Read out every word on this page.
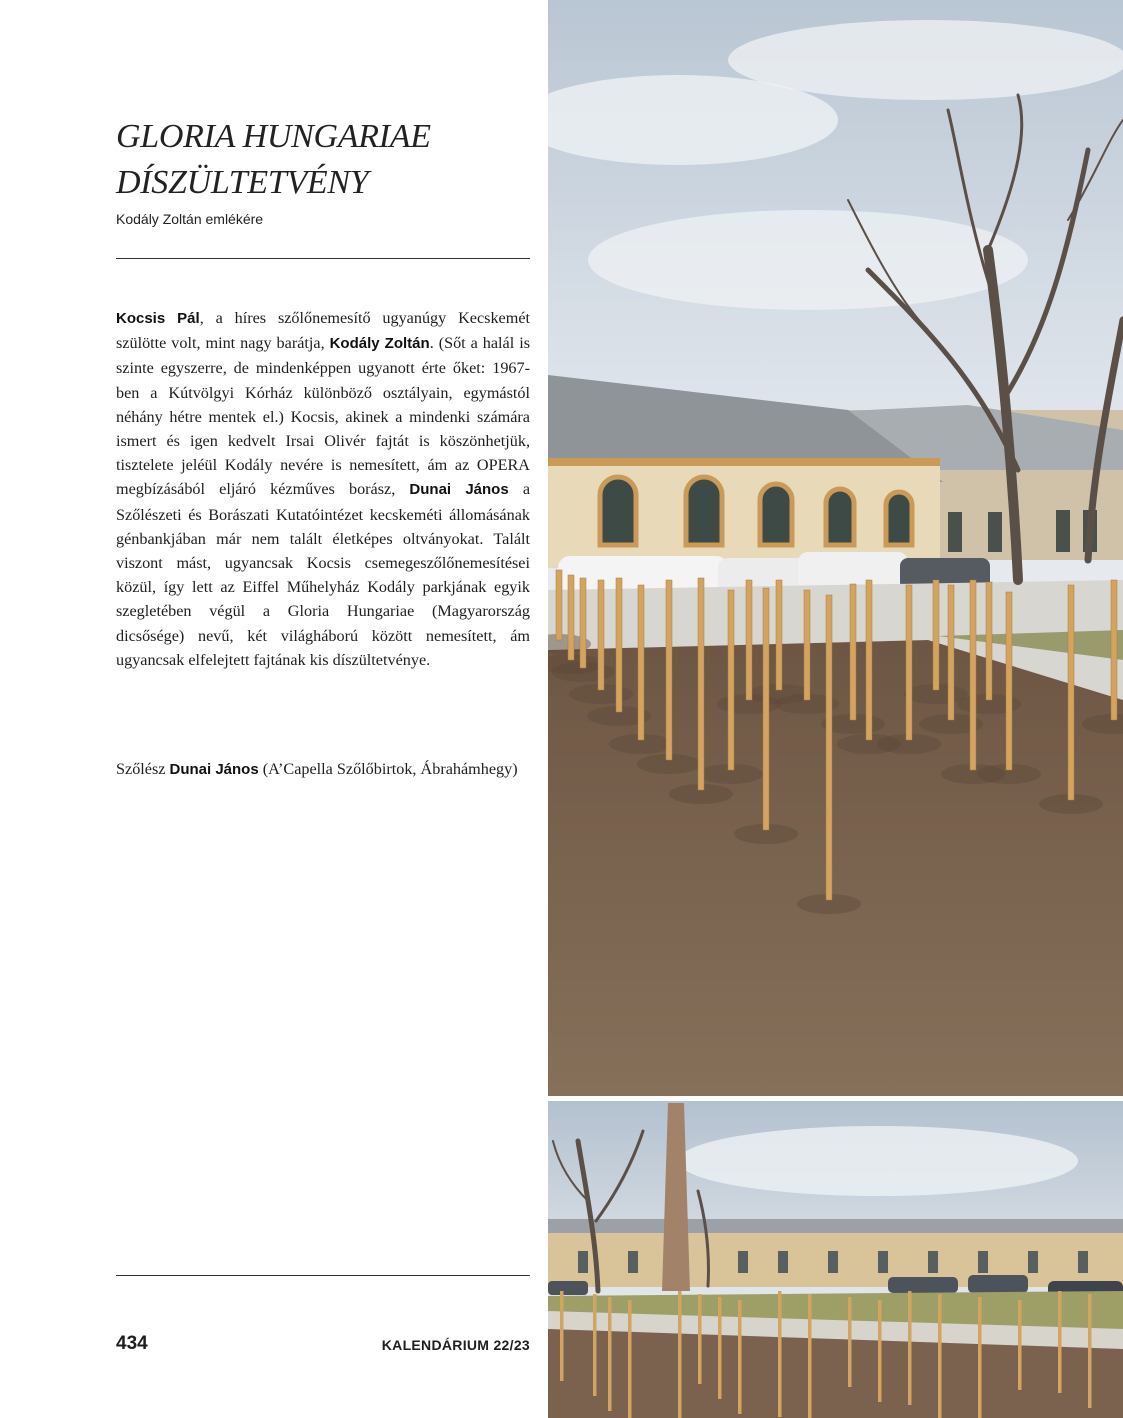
GLORIA HUNGARIAE
DÍSZÜLTETVÉNY

Kodály Zoltán emlékére

Kocsis Pál, a híres szőlőnemesítő ugyanúgy Kecskemét szülötte volt, mint nagy barátja, Kodály Zoltán. (Sőt a halál is szinte egyszerre, de mindenképpen ugyanott érte őket: 1967-ben a Kútvölgyi Kórház különböző osztályain, egymástól néhány hétre mentek el.) Kocsis, akinek a mindenki számára ismert és igen kedvelt Irsai Olivér fajtát is köszönhetjük, tisztelete jeléül Kodály nevére is nemesített, ám az OPERA megbízásából eljáró kézműves borász, Dunai János a Szőlészeti és Borászati Kutatóintézet kecskeméti állomásának génbankjában már nem talált életképes oltványokat. Talált viszont mást, ugyancsak Kocsis csemegeszőlőnemesítései közül, így lett az Eiffel Műhelyház Kodály parkjának egyik szegletében végül a Gloria Hungariae (Magyarország dicsősége) nevű, két világháború között nemesített, ám ugyancsak elfelejtett fajtának kis díszültetvénye.

Szőlész Dunai János (A’Capella Szőlőbirtok, Ábrahámhegy)

434	KALENDÁRIUM 22/23
